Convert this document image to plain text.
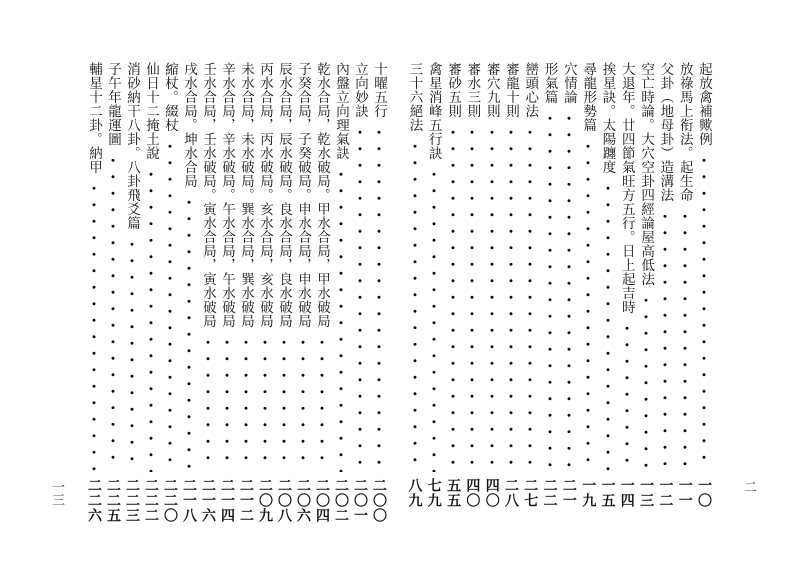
起放禽補歟例
一〇
放祿馬上衔法。起生命
一一
父卦（地母卦）造溝法
一二
空亡時論。大穴空卦四經論屋高低法
一三
大退年。廿四節氣旺方五行。日上起吉時
一四
挨星訣。太陽躔度
一五
尋龍形勢篇
一九
穴情論
二一
形氣篇
二二
巒頭心法
二七
審龍十則
二八
審穴九則
四〇
審水三則
四〇
審砂五則
五五
禽星消峰五行訣
七九
三十六絕法
八九	二
十曜五行
二〇〇
立向妙訣
二〇一
內盤立向理氣訣
二〇二
乾水合局，乾水破局。甲水合局，甲水破局
二〇四
子癸合局，子癸破局。申水合局，申水破局
二〇六
辰水合局，辰水破局。良水合局，良水破局
二〇八
丙水合局，丙水破局。亥水合局，亥水破局
二〇九
未水合局，未水破局。巽水合局，巽水破局
二一二
辛水合局，辛水破局。午水合局，午水破局
二一四
壬水合局，壬水破局。寅水合局，寅水破局
二一六
戌水合局。坤水合局
二一八
縮杖。綴杖
二二〇
仙日十二掩土說
二二二
消砂納干八卦。八卦飛爻篇
二二三
子午年龍運圖
二二五
輔星十二卦。納甲
二二六
一三
